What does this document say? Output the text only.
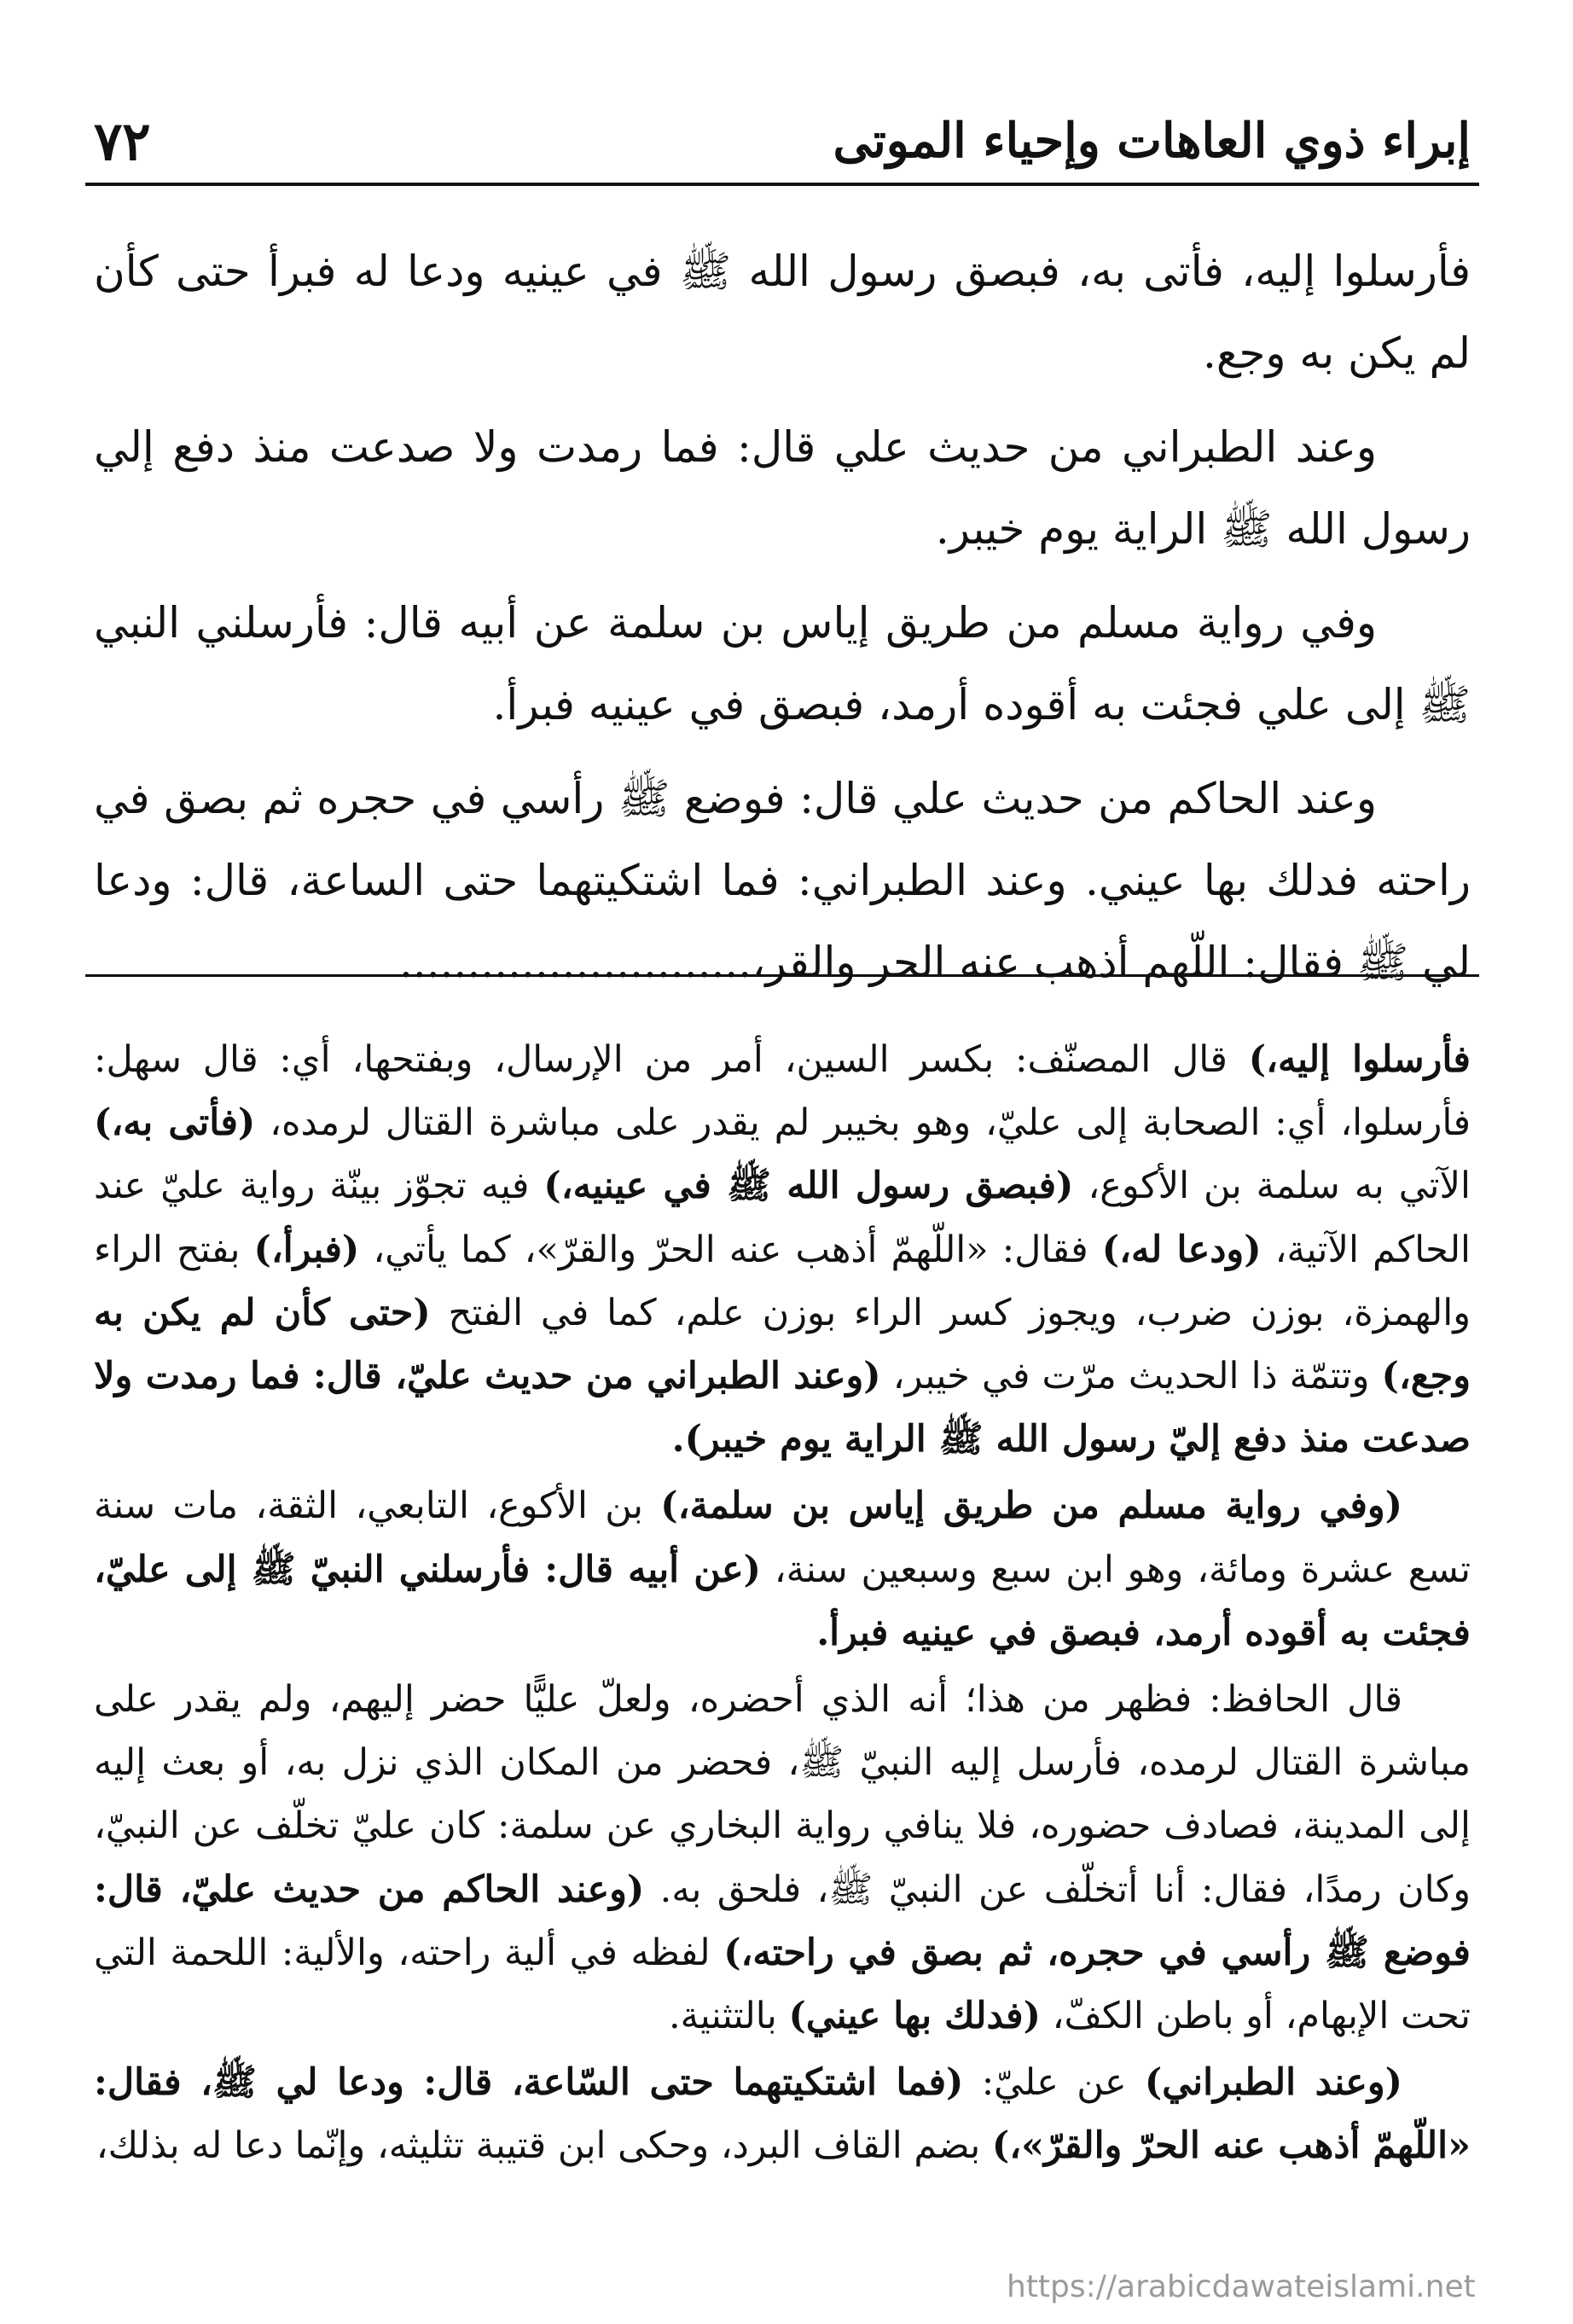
٧٢	إبراء ذوي العاهات وإحياء الموتى

فأرسلوا إليه، فأتى به، فبصق رسول الله ﷺ في عينيه ودعا له فبرأ حتى كأن لم يكن به وجع.

وعند الطبراني من حديث علي قال: فما رمدت ولا صدعت منذ دفع إلي رسول الله ﷺ الراية يوم خيبر.

وفي رواية مسلم من طريق إياس بن سلمة عن أبيه قال: فأرسلني النبي ﷺ إلى علي فجئت به أقوده أرمد، فبصق في عينيه فبرأ.

وعند الحاكم من حديث علي قال: فوضع ﷺ رأسي في حجره ثم بصق في راحته فدلك بها عيني. وعند الطبراني: فما اشتكيتهما حتى الساعة، قال: ودعا لي ﷺ فقال: اللّهم أذهب عنه الحر والقر،..........................

فأرسلوا إليه،) قال المصنّف: بكسر السين، أمر من الإرسال، وبفتحها، أي: قال سهل: فأرسلوا، أي: الصحابة إلى عليّ، وهو بخيبر لم يقدر على مباشرة القتال لرمده، (فأتى به،) الآتي به سلمة بن الأكوع، (فبصق رسول الله ﷺ في عينيه،) فيه تجوّز بينّة رواية عليّ عند الحاكم الآتية، (ودعا له،) فقال: «اللّهمّ أذهب عنه الحرّ والقرّ»، كما يأتي، (فبرأ،) بفتح الراء والهمزة، بوزن ضرب، ويجوز كسر الراء بوزن علم، كما في الفتح (حتى كأن لم يكن به وجع،) وتتمّة ذا الحديث مرّت في خيبر، (وعند الطبراني من حديث عليّ، قال: فما رمدت ولا صدعت منذ دفع إليّ رسول الله ﷺ الراية يوم خيبر).

(وفي رواية مسلم من طريق إياس بن سلمة،) بن الأكوع، التابعي، الثقة، مات سنة تسع عشرة ومائة، وهو ابن سبع وسبعين سنة، (عن أبيه قال: فأرسلني النبيّ ﷺ إلى عليّ، فجئت به أقوده أرمد، فبصق في عينيه فبرأ.

قال الحافظ: فظهر من هذا؛ أنه الذي أحضره، ولعلّ عليًّا حضر إليهم، ولم يقدر على مباشرة القتال لرمده، فأرسل إليه النبيّ ﷺ، فحضر من المكان الذي نزل به، أو بعث إليه إلى المدينة، فصادف حضوره، فلا ينافي رواية البخاري عن سلمة: كان عليّ تخلّف عن النبيّ، وكان رمدًا، فقال: أنا أتخلّف عن النبيّ ﷺ، فلحق به. (وعند الحاكم من حديث عليّ، قال: فوضع ﷺ رأسي في حجره، ثم بصق في راحته،) لفظه في ألية راحته، والألية: اللحمة التي تحت الإبهام، أو باطن الكفّ، (فدلك بها عيني) بالتثنية.

(وعند الطبراني) عن عليّ: (فما اشتكيتهما حتى السّاعة، قال: ودعا لي ﷺ، فقال: «اللّهمّ أذهب عنه الحرّ والقرّ»،) بضم القاف البرد، وحكى ابن قتيبة تثليثه، وإنّما دعا له بذلك،

https://arabicdawateislami.net
